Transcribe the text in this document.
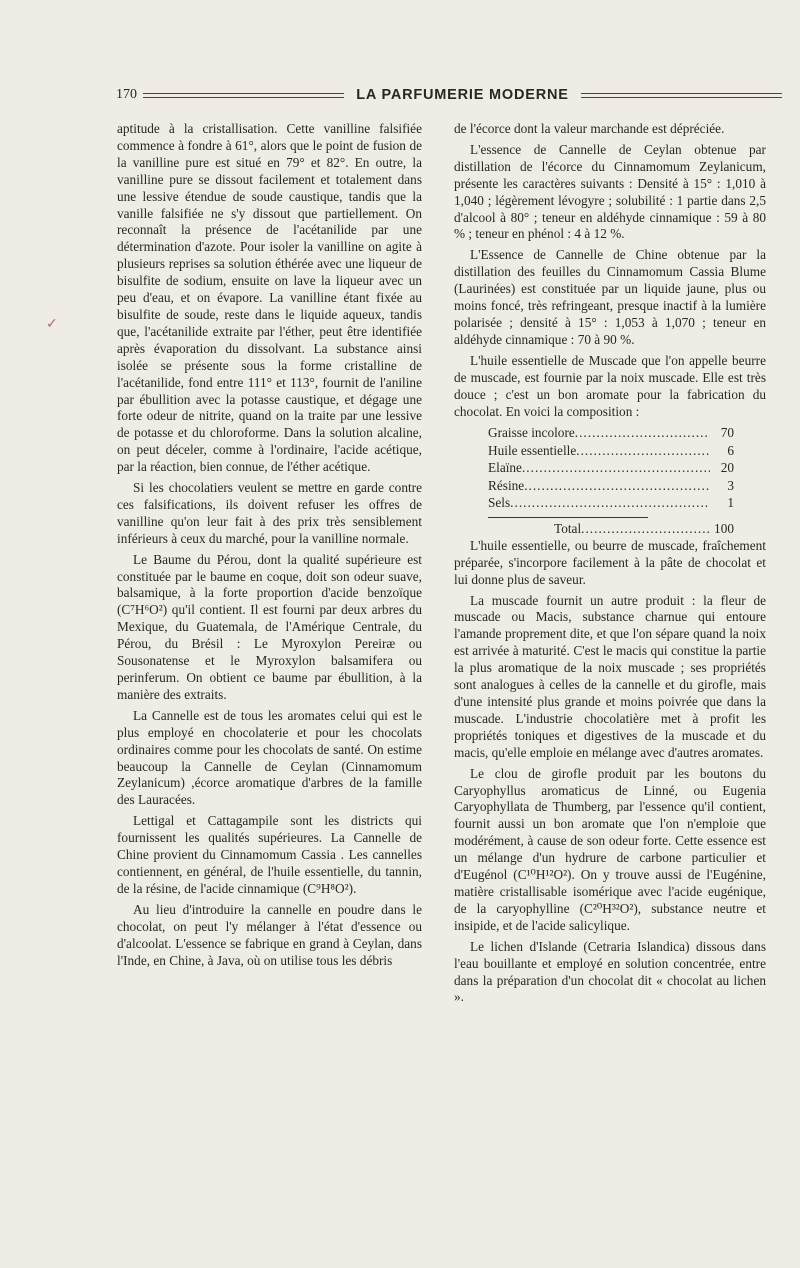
170	LA PARFUMERIE MODERNE
✓

aptitude à la cristallisation. Cette vanilline falsifiée commence à fondre à 61°, alors que le point de fusion de la vanilline pure est situé en 79° et 82°. En outre, la vanilline pure se dissout facilement et totalement dans une lessive étendue de soude caustique, tandis que la vanille falsifiée ne s'y dissout que partiellement. On reconnaît la présence de l'acétanilide par une détermination d'azote. Pour isoler la vanilline on agite à plusieurs reprises sa solution éthérée avec une liqueur de bisulfite de sodium, ensuite on lave la liqueur avec un peu d'eau, et on évapore. La vanilline étant fixée au bisulfite de soude, reste dans le liquide aqueux, tandis que, l'acétanilide extraite par l'éther, peut être identifiée après évaporation du dissolvant. La substance ainsi isolée se présente sous la forme cristalline de l'acétanilide, fond entre 111° et 113°, fournit de l'aniline par ébullition avec la potasse caustique, et dégage une forte odeur de nitrite, quand on la traite par une lessive de potasse et du chloroforme. Dans la solution alcaline, on peut déceler, comme à l'ordinaire, l'acide acétique, par la réaction, bien connue, de l'éther acétique.

Si les chocolatiers veulent se mettre en garde contre ces falsifications, ils doivent refuser les offres de vanilline qu'on leur fait à des prix très sensiblement inférieurs à ceux du marché, pour la vanilline normale.

Le Baume du Pérou, dont la qualité supérieure est constituée par le baume en coque, doit son odeur suave, balsamique, à la forte proportion d'acide benzoïque (C⁷H⁶O²) qu'il contient. Il est fourni par deux arbres du Mexique, du Guatemala, de l'Amérique Centrale, du Pérou, du Brésil : Le Myroxylon Pereiræ ou Sousonatense et le Myroxylon balsamifera ou perinferum. On obtient ce baume par ébullition, à la manière des extraits.

La Cannelle est de tous les aromates celui qui est le plus employé en chocolaterie et pour les chocolats ordinaires comme pour les chocolats de santé. On estime beaucoup la Cannelle de Ceylan (Cinnamomum Zeylanicum) ,écorce aromatique d'arbres de la famille des Lauracées.

Lettigal et Cattagampile sont les districts qui fournissent les qualités supérieures. La Cannelle de Chine provient du Cinnamomum Cassia . Les cannelles contiennent, en général, de l'huile essentielle, du tannin, de la résine, de l'acide cinnamique (C⁹H⁸O²).

Au lieu d'introduire la cannelle en poudre dans le chocolat, on peut l'y mélanger à l'état d'essence ou d'alcoolat. L'essence se fabrique en grand à Ceylan, dans l'Inde, en Chine, à Java, où on utilise tous les débris

de l'écorce dont la valeur marchande est dépréciée.

L'essence de Cannelle de Ceylan obtenue par distillation de l'écorce du Cinnamomum Zeylanicum, présente les caractères suivants : Densité à 15° : 1,010 à 1,040 ; légèrement lévogyre ; solubilité : 1 partie dans 2,5 d'alcool à 80° ; teneur en aldéhyde cinnamique : 59 à 80 % ; teneur en phénol : 4 à 12 %.

L'Essence de Cannelle de Chine obtenue par la distillation des feuilles du Cinnamomum Cassia Blume (Laurinées) est constituée par un liquide jaune, plus ou moins foncé, très refringeant, presque inactif à la lumière polarisée ; densité à 15° : 1,053 à 1,070 ; teneur en aldéhyde cinnamique : 70 à 90 %.

L'huile essentielle de Muscade que l'on appelle beurre de muscade, est fournie par la noix muscade. Elle est très douce ; c'est un bon aromate pour la fabrication du chocolat. En voici la composition :

Graisse incolore .....	70
Huile essentielle .....	6
Elaïne .....	20
Résine .....	3
Sels .....	1
Total .....	100

L'huile essentielle, ou beurre de muscade, fraîchement préparée, s'incorpore facilement à la pâte de chocolat et lui donne plus de saveur.

La muscade fournit un autre produit : la fleur de muscade ou Macis, substance charnue qui entoure l'amande proprement dite, et que l'on sépare quand la noix est arrivée à maturité. C'est le macis qui constitue la partie la plus aromatique de la noix muscade ; ses propriétés sont analogues à celles de la cannelle et du girofle, mais d'une intensité plus grande et moins poivrée que dans la muscade. L'industrie chocolatière met à profit les propriétés toniques et digestives de la muscade et du macis, qu'elle emploie en mélange avec d'autres aromates.

Le clou de girofle produit par les boutons du Caryophyllus aromaticus de Linné, ou Eugenia Caryophyllata de Thumberg, par l'essence qu'il contient, fournit aussi un bon aromate que l'on n'emploie que modérément, à cause de son odeur forte. Cette essence est un mélange d'un hydrure de carbone particulier et d'Eugénol (C¹⁰H¹²O²). On y trouve aussi de l'Eugénine, matière cristallisable isomérique avec l'acide eugénique, de la caryophylline (C²⁰H³²O²), substance neutre et insipide, et de l'acide salicylique.

Le lichen d'Islande (Cetraria Islandica) dissous dans l'eau bouillante et employé en solution concentrée, entre dans la préparation d'un chocolat dit « chocolat au lichen ».
